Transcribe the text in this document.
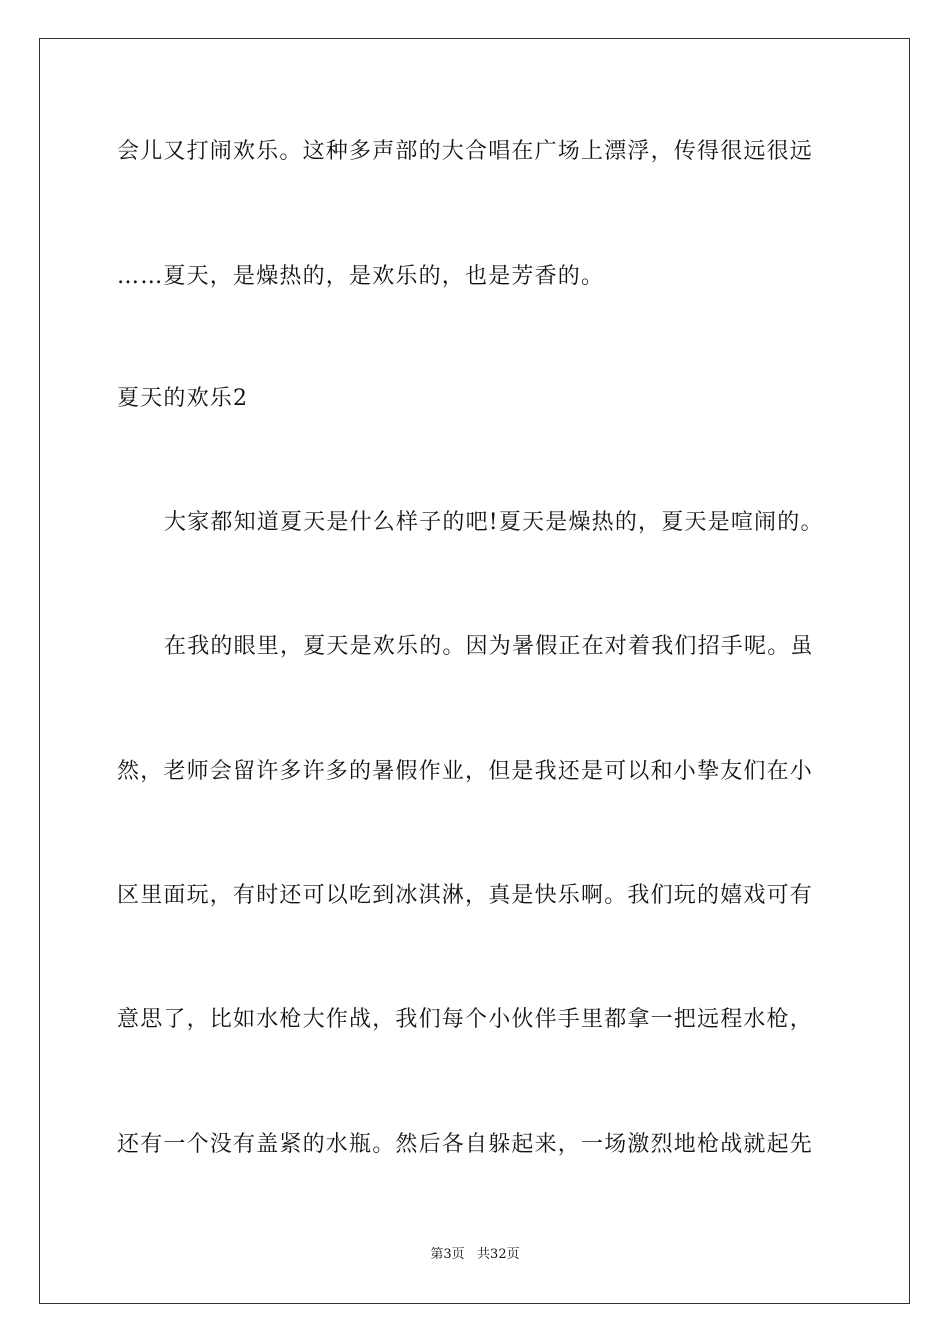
会儿又打闹欢乐。这种多声部的大合唱在广场上漂浮，传得很远很远
……夏天，是燥热的，是欢乐的，也是芳香的。
夏天的欢乐2
大家都知道夏天是什么样子的吧!夏天是燥热的，夏天是喧闹的。
在我的眼里，夏天是欢乐的。因为暑假正在对着我们招手呢。虽
然，老师会留许多许多的暑假作业，但是我还是可以和小挚友们在小
区里面玩，有时还可以吃到冰淇淋，真是快乐啊。我们玩的嬉戏可有
意思了，比如水枪大作战，我们每个小伙伴手里都拿一把远程水枪，
还有一个没有盖紧的水瓶。然后各自躲起来，一场激烈地枪战就起先
第3页   共32页
